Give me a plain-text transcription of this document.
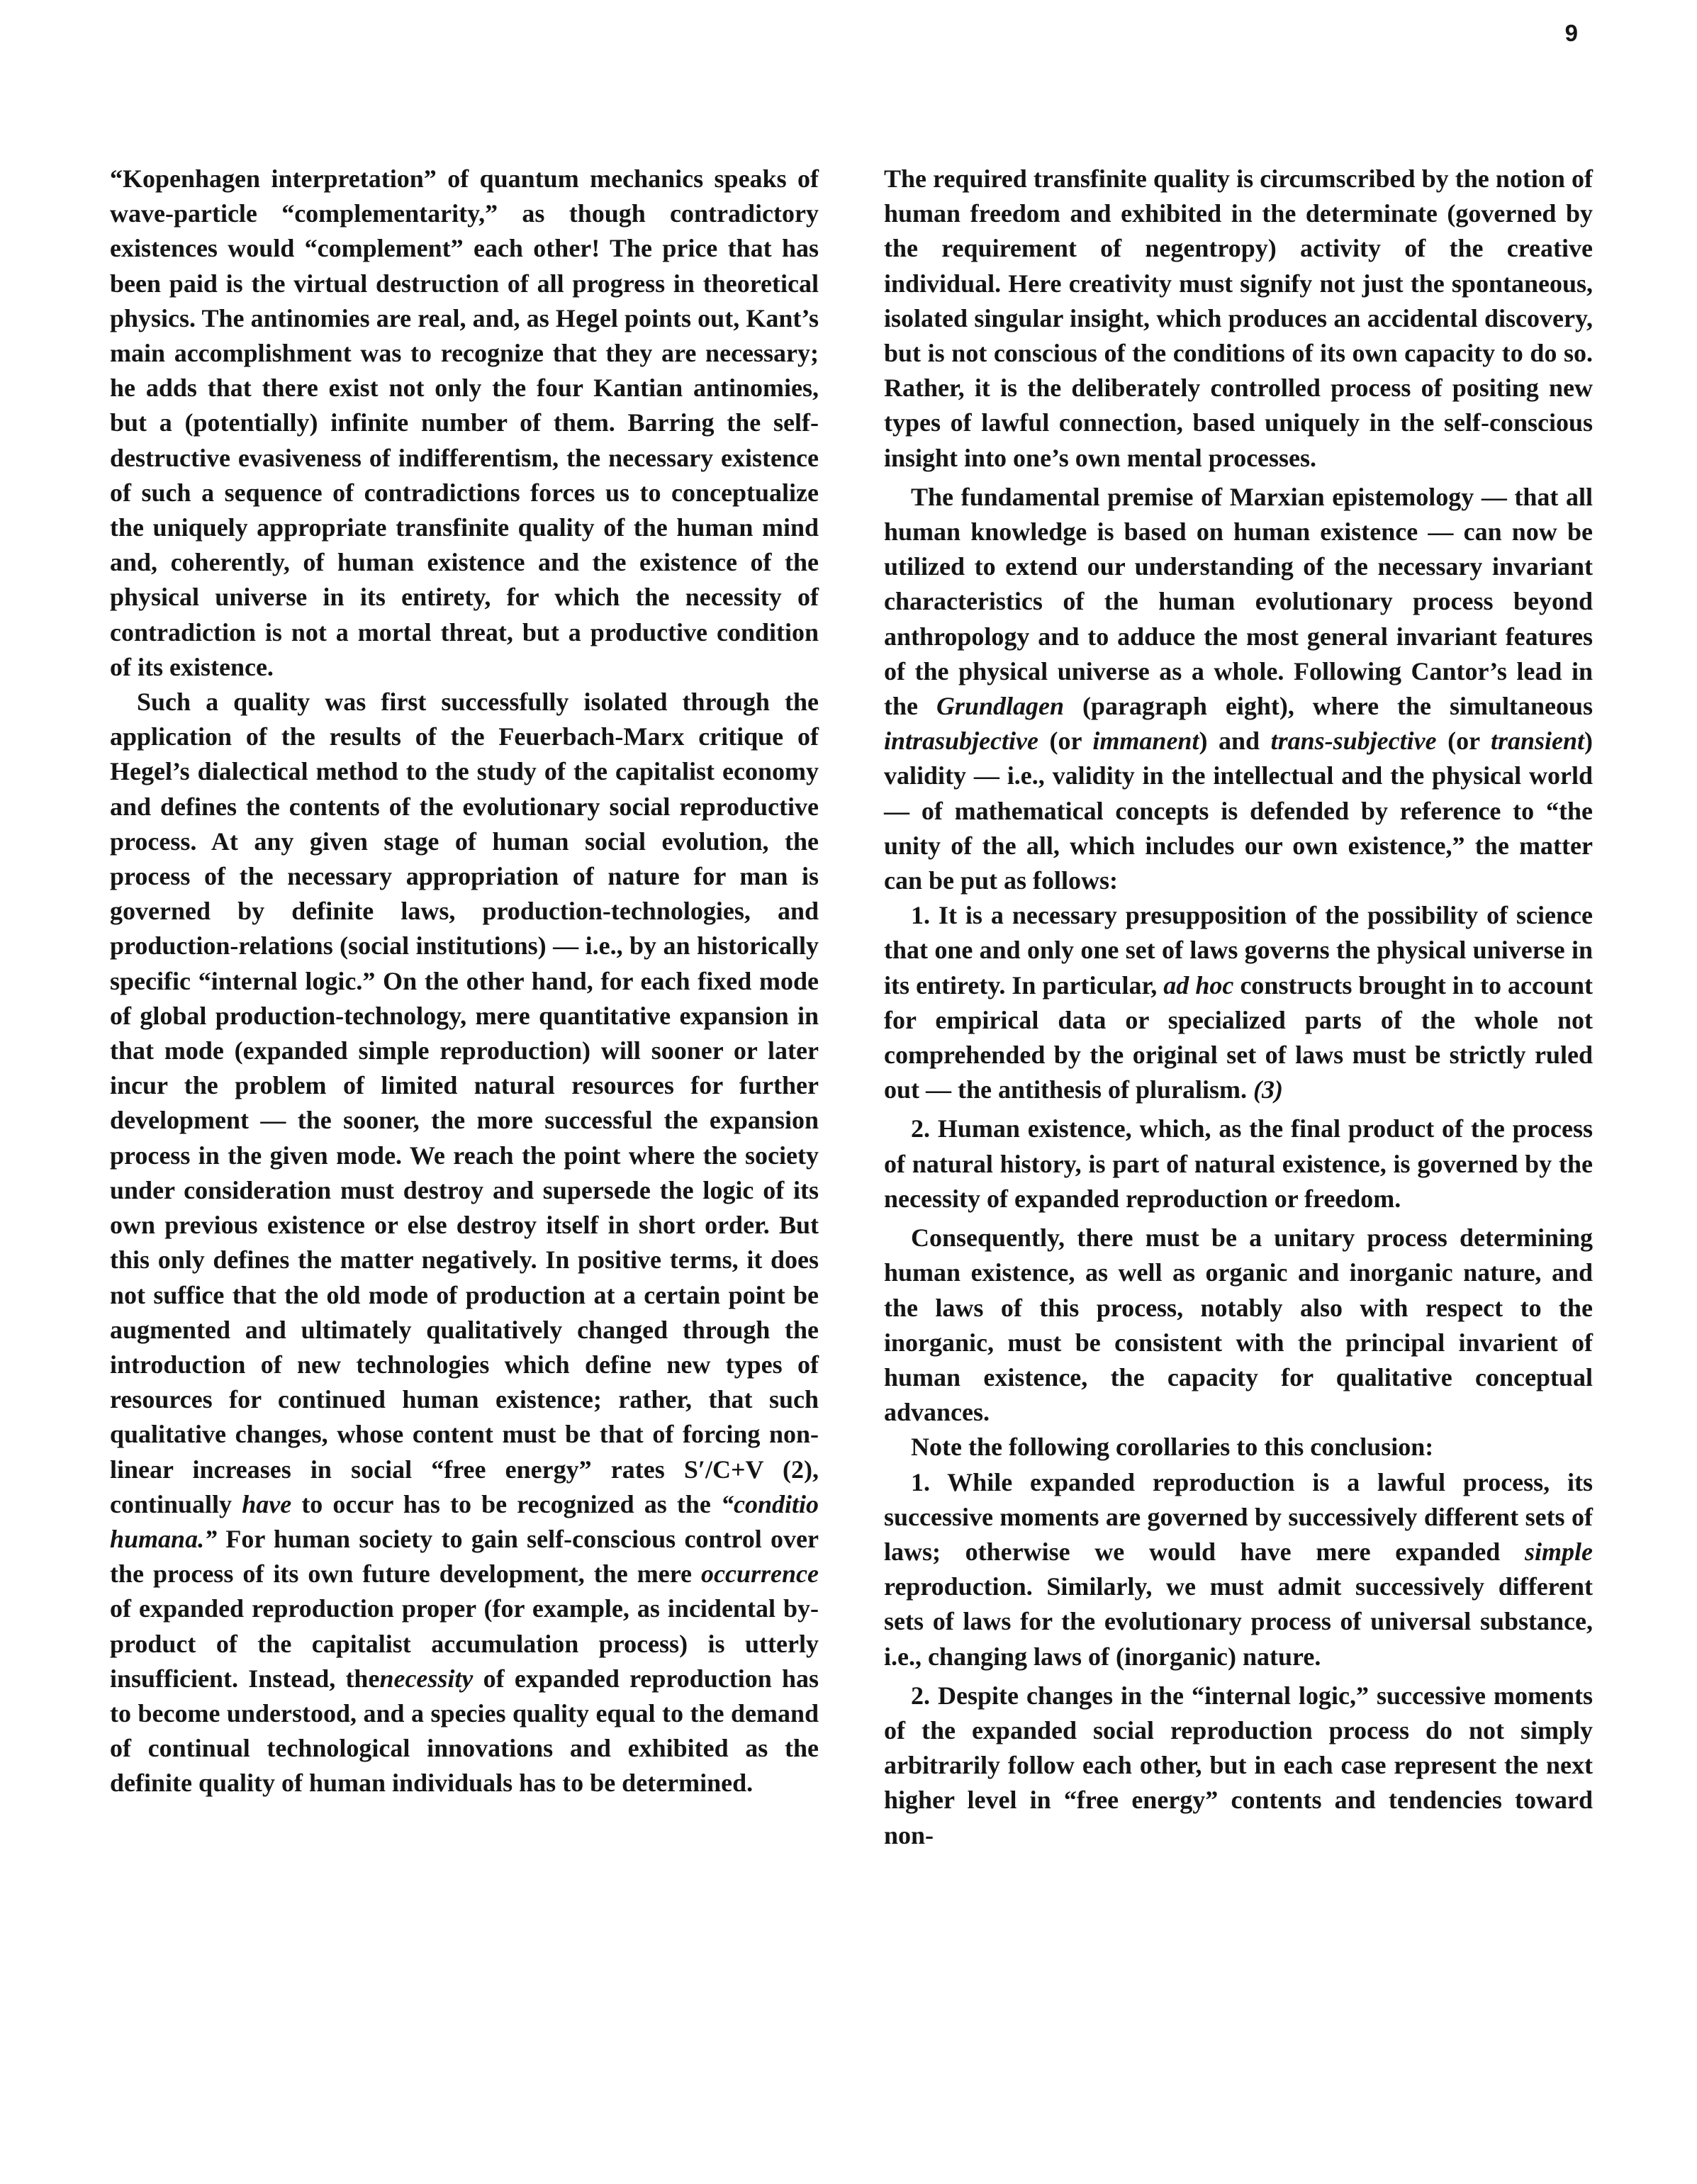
9

“Kopenhagen interpretation” of quantum mechanics speaks of wave-particle “complementarity,” as though contradictory existences would “complement” each other! The price that has been paid is the virtual destruction of all progress in theoretical physics. The antinomies are real, and, as Hegel points out, Kant’s main accomplishment was to recognize that they are necessary; he adds that there exist not only the four Kantian antinomies, but a (potentially) infinite number of them. Barring the self-destructive evasiveness of indifferentism, the necessary existence of such a sequence of contradictions forces us to conceptualize the uniquely appropriate transfinite quality of the human mind and, coherently, of human existence and the existence of the physical universe in its entirety, for which the necessity of contradiction is not a mortal threat, but a productive condition of its existence.

Such a quality was first successfully isolated through the application of the results of the Feuerbach-Marx critique of Hegel’s dialectical method to the study of the capitalist economy and defines the contents of the evolutionary social reproductive process. At any given stage of human social evolution, the process of the necessary appropriation of nature for man is governed by definite laws, production-technologies, and production-relations (social institutions) — i.e., by an historically specific “internal logic.” On the other hand, for each fixed mode of global production-technology, mere quantitative expansion in that mode (expanded simple reproduction) will sooner or later incur the problem of limited natural resources for further development — the sooner, the more successful the expansion process in the given mode. We reach the point where the society under consideration must destroy and supersede the logic of its own previous existence or else destroy itself in short order. But this only defines the matter negatively. In positive terms, it does not suffice that the old mode of production at a certain point be augmented and ultimately qualitatively changed through the introduction of new technologies which define new types of resources for continued human existence; rather, that such qualitative changes, whose content must be that of forcing non-linear increases in social “free energy” rates S′/C+V (2), continually have to occur has to be recognized as the “conditio humana.” For human society to gain self-conscious control over the process of its own future development, the mere occurrence of expanded reproduction proper (for example, as incidental by-product of the capitalist accumulation process) is utterly insufficient. Instead, thenecessity of expanded reproduction has to become understood, and a species quality equal to the demand of continual technological innovations and exhibited as the definite quality of human individuals has to be determined.

The required transfinite quality is circumscribed by the notion of human freedom and exhibited in the determinate (governed by the requirement of negentropy) activity of the creative individual. Here creativity must signify not just the spontaneous, isolated singular insight, which produces an accidental discovery, but is not conscious of the conditions of its own capacity to do so. Rather, it is the deliberately controlled process of positing new types of lawful connection, based uniquely in the self-conscious insight into one’s own mental processes.

The fundamental premise of Marxian epistemology — that all human knowledge is based on human existence — can now be utilized to extend our understanding of the necessary invariant characteristics of the human evolutionary process beyond anthropology and to adduce the most general invariant features of the physical universe as a whole. Following Cantor’s lead in the Grundlagen (paragraph eight), where the simultaneous intrasubjective (or immanent) and trans-subjective (or transient) validity — i.e., validity in the intellectual and the physical world — of mathematical concepts is defended by reference to “the unity of the all, which includes our own existence,” the matter can be put as follows:

1. It is a necessary presupposition of the possibility of science that one and only one set of laws governs the physical universe in its entirety. In particular, ad hoc constructs brought in to account for empirical data or specialized parts of the whole not comprehended by the original set of laws must be strictly ruled out — the antithesis of pluralism. (3)

2. Human existence, which, as the final product of the process of natural history, is part of natural existence, is governed by the necessity of expanded reproduction or freedom.

Consequently, there must be a unitary process determining human existence, as well as organic and inorganic nature, and the laws of this process, notably also with respect to the inorganic, must be consistent with the principal invarient of human existence, the capacity for qualitative conceptual advances.

Note the following corollaries to this conclusion:

1. While expanded reproduction is a lawful process, its successive moments are governed by successively different sets of laws; otherwise we would have mere expanded simple reproduction. Similarly, we must admit successively different sets of laws for the evolutionary process of universal substance, i.e., changing laws of (inorganic) nature.

2. Despite changes in the “internal logic,” successive moments of the expanded social reproduction process do not simply arbitrarily follow each other, but in each case represent the next higher level in “free energy” contents and tendencies toward non-
